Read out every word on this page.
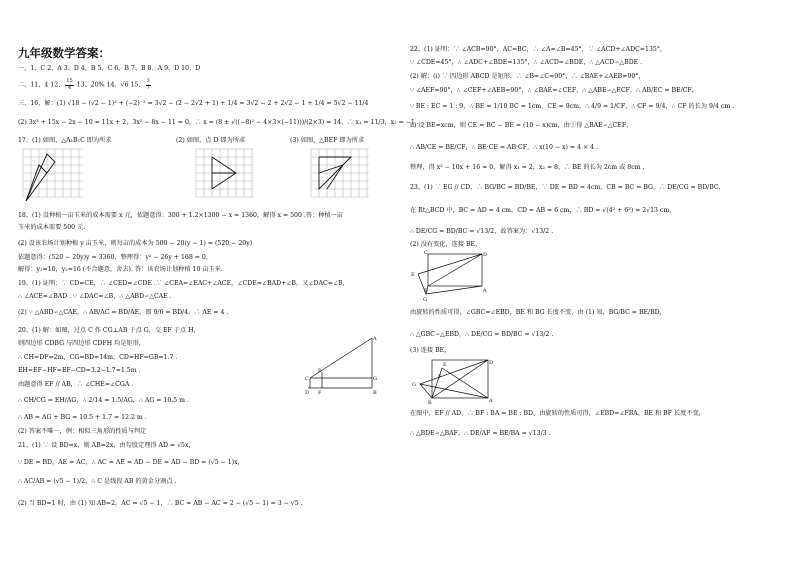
九年级数学答案：
一、1、C 2、A 3、D 4、B 5、C 6、B 7、B 8、A 9、D 10、D
二、11、4 12、 $\frac{15}{4} 13$、20% 14、√6 15、 $\frac{3}{7}$
三、16、解：(1) √18 − (√2 − 1)² + (−2)⁻² = 3√2 − (2 − 2√2 + 1) + 1/4 = 3√2 − 2 + 2√2 − 1 + 1/4 = 5√2 − 11/4
(2) 3x² + 15x − 2x − 10 = 11x + 2，3x² − 8x − 11 = 0，∴ x = (8 ± √((−8)² − 4×3×(−11)))/(2×3) = 14，∴ x₁ = 11/3，x₂ = −1 .
17、(1) 如图，△A₁B₁C 即为所求	(2) 如图，点 D 即为所求	(3) 如图，△BEF 即为所求
18、(1) 设种植一亩玉米的成本需要 x 元，依题意得：300 + 1.2×1300 − x = 1360，解得 x = 500 .答：种植一亩
玉米的成本需要 500 元.
(2) 设该农场计划种植 y 亩玉米，则每亩的成本为 500 − 20(y − 1) = (520 − 20y)
依题意得：(520 − 20y)y = 3360，整理得：y² − 26y + 168 = 0，
解得：y₁=10，y₂=16 (不合题意，舍去). 答：该农场计划种植 10 亩玉米.
19、(1) 证明：∵ CD=CE，∴ ∠CED=∠CDE .∵ ∠CEA=∠EAC+∠ACE，∠CDE=∠BAD+∠B，又∠DAC=∠B，
∴ ∠ACE=∠BAD . ∵ ∠DAC=∠B，∴ △ABD∽△CAE .
(2) ∵ △ABD∽△CAE，∴ AB/AC = BD/AE，即 9/6 = BD/4，∴ AE = 4 .
20、(1) 解：如图，过点 C 作 CG⊥AB 于点 G，交 EF 于点 H，
则四边形 CDBG 与四边形 CDFH 均是矩形，
∴ CH=DF=2m，CG=BD=14m，CD=HF=GB=1.7 .
EH=EF−HF=EF−CD=3.2−1.7=1.5m .
由题意得 EF // AB，∴ ∠CHE=∠CGA .
∴ CH/CG = EH/AG，∴ 2/14 = 1.5/AG，∴ AG = 10.5 m .
∴ AB = AG + BG = 10.5 + 1.7 = 12.2 m .
(2) 答案不唯一，例：相似三角形的性质与判定
A
G
B
C
E
F
D
21、(1) ∵ 设 BD=x，则 AB=2x，由勾股定理得 AD = √5x，
∵ DE = BD，AE = AC，∴ AC = AE = AD − DE = AD − BD = (√5 − 1)x，
∴ AC/AB = (√5 − 1)/2，∴ C 是线段 AB 的黄金分割点 .
(2) 当 BD=1 时，由 (1) 知 AB=2，AC = √5 − 1，∴ BC = AB − AC = 2 − (√5 − 1) = 3 − √5 .
22、(1) 证明：∵ ∠ACB=90°，AC=BC，∴ ∠A=∠B=45°，∵ ∠ACD+∠ADC=135°，
∵ ∠CDE=45°，∴ ∠ADC+∠BDE=135°，∴ ∠ACD=∠BDE，∴ △ACD∽△BDE .
(2) 解：(i) ∵ 四边形 ABCD 是矩形，∴ ∠B=∠C=90°，∴ ∠BAE+∠AEB=90°，
∵ ∠AEF=90°，∴ ∠CEF+∠AEB=90°，∴ ∠BAE=∠CEF，∴ △ABE∽△ECF，∴ AB/EC = BE/CF，
∵ BE : EC = 1 : 9，∴ BE = 1/10 BC = 1cm，CE = 9cm，∴ 4/9 = 1/CF，∴ CF = 9/4，∴ CF 的长为 9/4 cm .
ii) 设 BE=xcm，则 CE = BC − BE = (10 − x)cm，由①得 △BAE∽△CEF，
∴ AB/CE = BE/CF，∴ BE·CE = AB·CF，∴ x(10 − x) = 4 × 4 .
整理，得 x² − 10x + 16 = 0，解得 x₁ = 2，x₂ = 8，∴ BE 的长为 2cm 或 8cm .
23、(1) ∵ EG // CD，∴ BG/BC = BD/BE，∵ DE = BD = 4cm，CB = BC = BG，∴ DE/CG = BD/BC，
在 Rt△BCD 中，BC = AD = 4 cm，CD = AB = 6 cm，∴ BD = √(4² + 6²) = 2√13 cm，
∴ DE/CG = BD/BC = √13/2，故答案为：√13/2 .
(2) 没有变化，连接 BE，
E
G
B
D
A
C
由旋转的性质可得，∠GBC=∠EBD，BE 和 BG 长度不变，由 (1) 知，BG/BC = BE/BD，
∴ △GBC∽△EBD，∴ DE/CG = BD/BC = √13/2 .
(3) 连接 BE，
G
B
D
A
F
E
在图中，EF // AD，∴ BF : BA = BE : BD，由旋转的性质可得，∠EBD=∠FBA，BE 和 BF 长度不变，
∴ △BDE∽△BAF，∴ DE/AF = BE/BA = √13/3 .
